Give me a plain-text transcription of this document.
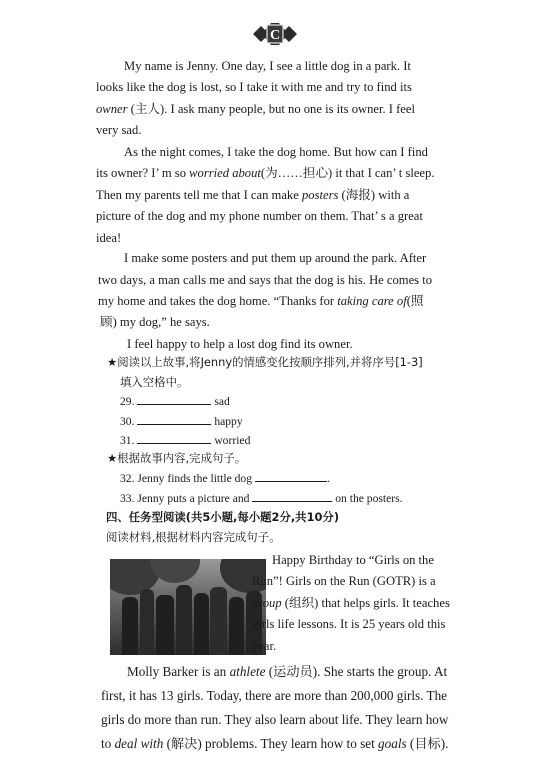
C
My name is Jenny. One day, I see a little dog in a park. It
looks like the dog is lost, so I take it with me and try to find its
owner (主人). I ask many people, but no one is its owner. I feel
very sad.
As the night comes, I take the dog home. But how can I find
its owner? I’ m so worried about(为……担心) it that I can’ t sleep.
Then my parents tell me that I can make posters (海报) with a
picture of the dog and my phone number on them. That’ s a great
idea!
I make some posters and put them up around the park. After
two days, a man calls me and says that the dog is his. He comes to
my home and takes the dog home. “Thanks for taking care of(照
顾) my dog,” he says.
I feel happy to help a lost dog find its owner.
★阅读以上故事,将Jenny的情感变化按顺序排列,并将序号[1-3]
填入空格中。
29.	sad
30.	happy
31.	worried
★根据故事内容,完成句子。
32. Jenny finds the little dog	.
33. Jenny puts a picture and	on the posters.
四、任务型阅读(共5小题,每小题2分,共10分)
阅读材料,根据材料内容完成句子。
Happy Birthday to “Girls on the
Run”! Girls on the Run (GOTR) is a
group (组织) that helps girls. It teaches
girls life lessons. It is 25 years old this
year.
Molly Barker is an athlete (运动员). She starts the group. At
first, it has 13 girls. Today, there are more than 200,000 girls. The
girls do more than run. They also learn about life. They learn how
to deal with (解决) problems. They learn how to set goals (目标).
